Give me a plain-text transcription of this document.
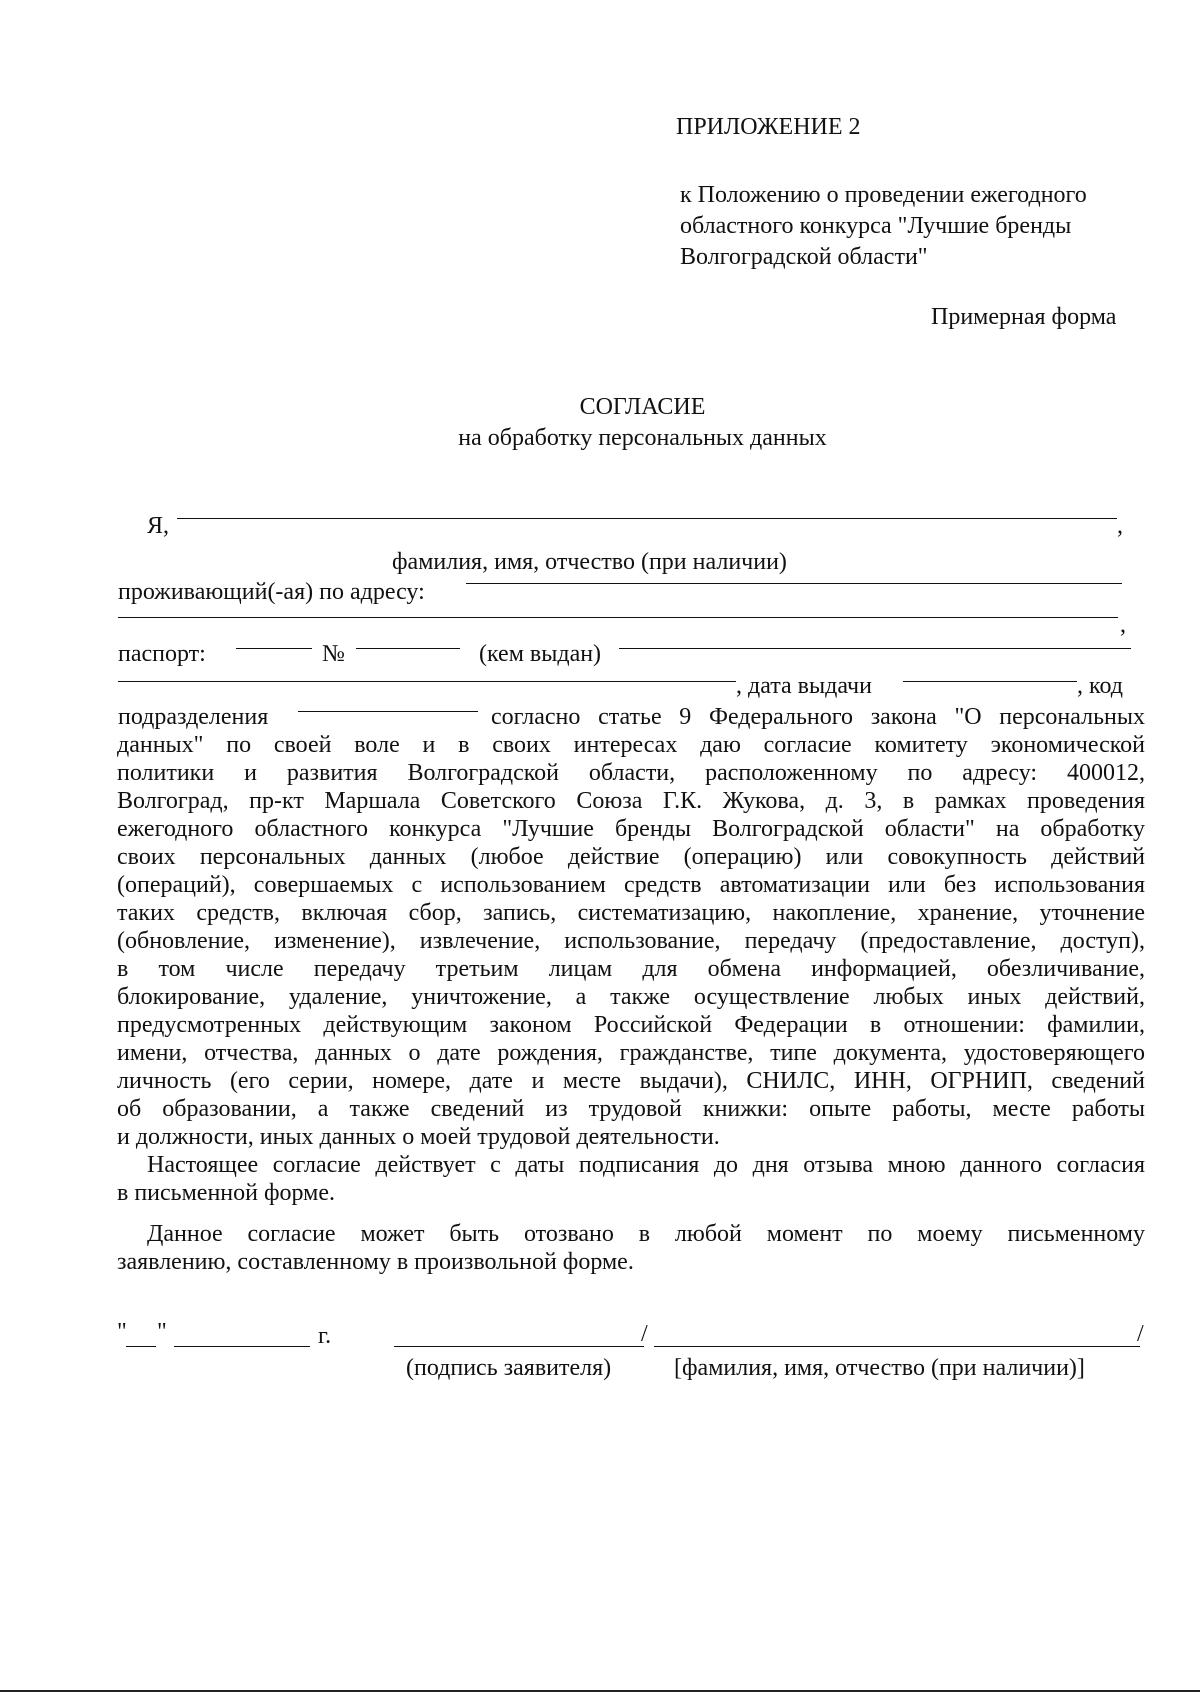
ПРИЛОЖЕНИЕ 2
к Положению о проведении ежегодного
областного конкурса "Лучшие бренды
Волгоградской области"
Примерная форма
СОГЛАСИЕ
на обработку персональных данных
Я,	,
фамилия, имя, отчество (при наличии)
проживающий(-ая) по адресу:
,
паспорт:	№	(кем выдан)
, дата выдачи	, код
подразделения	согласно статье 9 Федерального закона "О персональных
данных" по своей воле и в своих интересах даю согласие комитету экономической
политики и развития Волгоградской области, расположенному по адресу: 400012,
Волгоград, пр-кт Маршала Советского Союза Г.К. Жукова, д. 3, в рамках проведения
ежегодного областного конкурса "Лучшие бренды Волгоградской области" на обработку
своих персональных данных (любое действие (операцию) или совокупность действий
(операций), совершаемых с использованием средств автоматизации или без использования
таких средств, включая сбор, запись, систематизацию, накопление, хранение, уточнение
(обновление, изменение), извлечение, использование, передачу (предоставление, доступ),
в том числе передачу третьим лицам для обмена информацией, обезличивание,
блокирование, удаление, уничтожение, а также осуществление любых иных действий,
предусмотренных действующим законом Российской Федерации в отношении: фамилии,
имени, отчества, данных о дате рождения, гражданстве, типе документа, удостоверяющего
личность (его серии, номере, дате и месте выдачи), СНИЛС, ИНН, ОГРНИП, сведений
об образовании, а также сведений из трудовой книжки: опыте работы, месте работы
и должности, иных данных о моей трудовой деятельности.
Настоящее согласие действует с даты подписания до дня отзыва мною данного согласия
в письменной форме.
Данное согласие может быть отозвано в любой момент по моему письменному
заявлению, составленному в произвольной форме.
" "	г.	/	/
(подпись заявителя)	[фамилия, имя, отчество (при наличии)]
